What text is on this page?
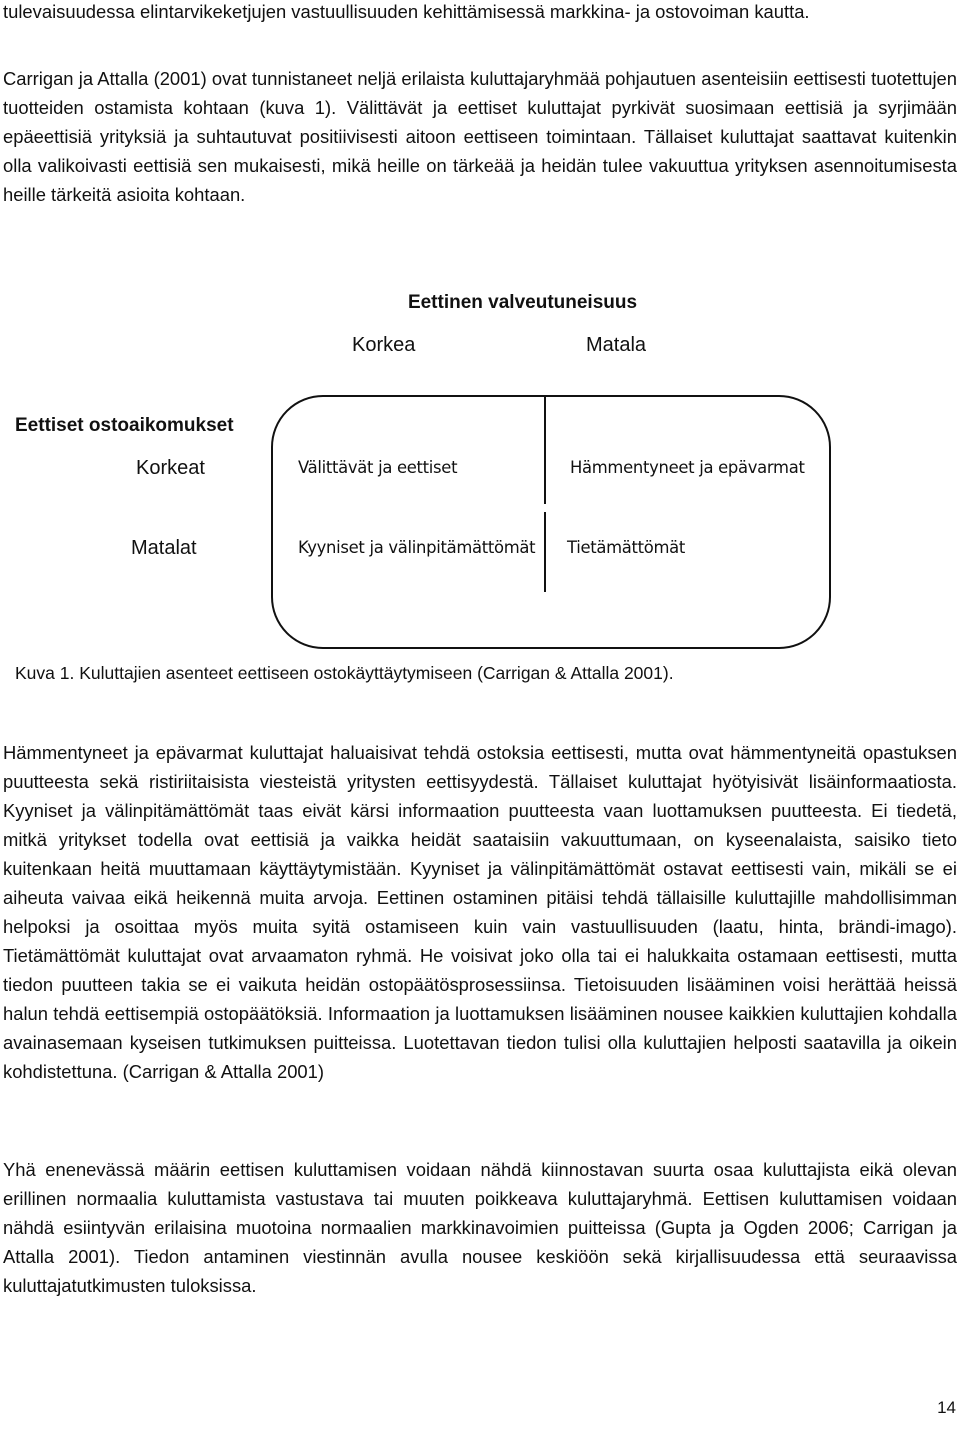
tulevaisuudessa elintarvikeketjujen vastuullisuuden kehittämisessä markkina- ja ostovoiman kautta.

Carrigan ja Attalla (2001) ovat tunnistaneet neljä erilaista kuluttajaryhmää pohjautuen asenteisiin eettisesti tuotettujen tuotteiden ostamista kohtaan (kuva 1). Välittävät ja eettiset kuluttajat pyrkivät suosimaan eettisiä ja syrjimään epäeettisiä yrityksiä ja suhtautuvat positiivisesti aitoon eettiseen toimintaan. Tällaiset kuluttajat saattavat kuitenkin olla valikoivasti eettisiä sen mukaisesti, mikä heille on tärkeää ja heidän tulee vakuuttua yrityksen asennoitumisesta heille tärkeitä asioita kohtaan.

Eettinen valveutuneisuus
Korkea	Matala
Eettiset ostoaikomukset
Korkeat
Matalat
Välittävät ja eettiset	Hämmentyneet ja epävarmat
Kyyniset ja välinpitämättömät Tietämättömät
Kuva 1. Kuluttajien asenteet eettiseen ostokäyttäytymiseen (Carrigan & Attalla 2001).

Hämmentyneet ja epävarmat kuluttajat haluaisivat tehdä ostoksia eettisesti, mutta ovat hämmentyneitä opastuksen puutteesta sekä ristiriitaisista viesteistä yritysten eettisyydestä. Tällaiset kuluttajat hyötyisivät lisäinformaatiosta. Kyyniset ja välinpitämättömät taas eivät kärsi informaation puutteesta vaan luottamuksen puutteesta. Ei tiedetä, mitkä yritykset todella ovat eettisiä ja vaikka heidät saataisiin vakuuttumaan, on kyseenalaista, saisiko tieto kuitenkaan heitä muuttamaan käyttäytymistään. Kyyniset ja välinpitämättömät ostavat eettisesti vain, mikäli se ei aiheuta vaivaa eikä heikennä muita arvoja. Eettinen ostaminen pitäisi tehdä tällaisille kuluttajille mahdollisimman helpoksi ja osoittaa myös muita syitä ostamiseen kuin vain vastuullisuuden (laatu, hinta, brändi-imago). Tietämättömät kuluttajat ovat arvaamaton ryhmä. He voisivat joko olla tai ei halukkaita ostamaan eettisesti, mutta tiedon puutteen takia se ei vaikuta heidän ostopäätösprosessiinsa. Tietoisuuden lisääminen voisi herättää heissä halun tehdä eettisempiä ostopäätöksiä. Informaation ja luottamuksen lisääminen nousee kaikkien kuluttajien kohdalla avainasemaan kyseisen tutkimuksen puitteissa. Luotettavan tiedon tulisi olla kuluttajien helposti saatavilla ja oikein kohdistettuna. (Carrigan & Attalla 2001)

Yhä enenevässä määrin eettisen kuluttamisen voidaan nähdä kiinnostavan suurta osaa kuluttajista eikä olevan erillinen normaalia kuluttamista vastustava tai muuten poikkeava kuluttajaryhmä. Eettisen kuluttamisen voidaan nähdä esiintyvän erilaisina muotoina normaalien markkinavoimien puitteissa (Gupta ja Ogden 2006; Carrigan ja Attalla 2001). Tiedon antaminen viestinnän avulla nousee keskiöön sekä kirjallisuudessa että seuraavissa kuluttajatutkimusten tuloksissa.

14
